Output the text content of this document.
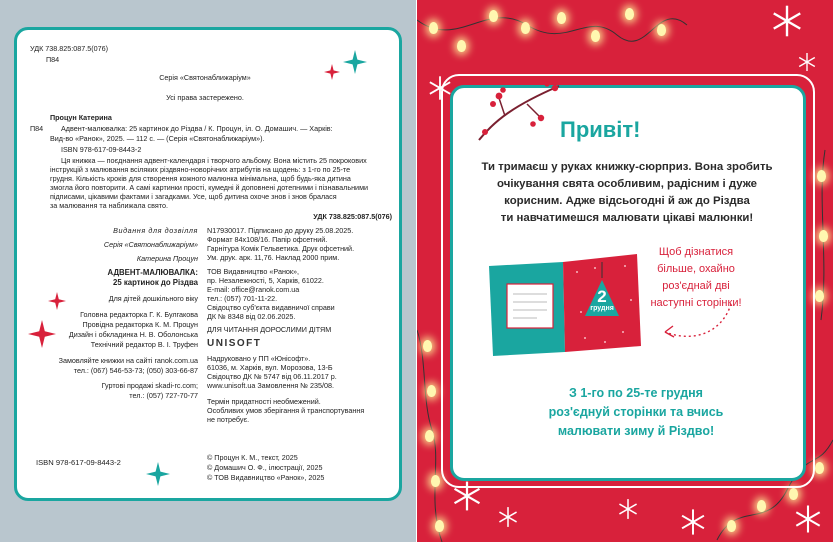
УДК 738.825:087.5(076)
П84
Серія «Святонаближаріум»
Усі права застережено.
Процун Катерина
П84 Адвент-малювалка: 25 картинок до Різдва / К. Процун, іл. О. Домашич. — Харків:
Вид-во «Ранок», 2025. — 112 с. — (Серія «Святонаближаріум»).
ISBN 978-617-09-8443-2
Ця книжка — поєднання адвент-календаря і творчого альбому. Вона містить 25 покрокових
інструкцій з малювання всіляких різдвяно-новорічних атрибутів на щодень: з 1-го по 25-те
грудня. Кількість кроків для створення кожного малюнка мінімальна, щоб будь-яка дитина
змогла його повторити. А самі картинки прості, кумедні й доповнені дотепними і пізнавальними
підписами, цікавими фактами і загадками. Усе, щоб дитина охоче знов і знов бралася
за малювання та наближала свято.
УДК 738.825:087.5(076)
Видання для дозвілля
Серія «Святонаближаріум»
Катерина Процун
АДВЕНТ-МАЛЮВАЛКА:
25 картинок до Різдва
Для дітей дошкільного віку
Головна редакторка Г. К. Булгакова
Провідна редакторка К. М. Процун
Дизайн і обкладинка Н. В. Оболонська
Технічний редактор В. І. Труфен
Замовляйте книжки на сайті ranok.com.ua
тел.: (067) 546-53-73; (050) 303-66-87
Гуртові продажі skadi-rc.com;
тел.: (057) 727-70-77
N17930017. Підписано до друку 25.08.2025.
Формат 84х108/16. Папір офсетний.
Гарнітура Комік Гельветика. Друк офсетний.
Ум. друк. арк. 11,76. Наклад 2000 прим.
ТОВ Видавництво «Ранок»,
пр. Незалежності, 5, Харків, 61022.
E-mail: office@ranok.com.ua
тел.: (057) 701-11-22.
Свідоцтво суб'єкта видавничої справи
ДК № 8348 від 02.06.2025.
ДЛЯ ЧИТАННЯ ДОРОСЛИМИ ДІТЯМ
UNISOFT
Надруковано у ПП «Юнісофт».
61036, м. Харків, вул. Морозова, 13-Б
Свідоцтво ДК № 5747 від 06.11.2017 р.
www.unisoft.ua Замовлення № 235/08.
Термін придатності необмежений.
Особливих умов зберігання й транспортування
не потребує.
ISBN 978-617-09-8443-2
© Процун К. М., текст, 2025
© Домашич О. Ф., ілюстрації, 2025
© ТОВ Видавництво «Ранок», 2025
Привіт!
Ти тримаєш у руках книжку-сюрприз. Вона зробить
очікування свята особливим, радісним і дуже
корисним. Адже відсьогодні й аж до Різдва
ти навчатимешся малювати цікаві малюнки!
2
грудня
Щоб дізнатися
більше, охайно
роз'єднай дві
наступні сторінки!
З 1-го по 25-те грудня
роз'єднуй сторінки та вчись
малювати зиму й Різдво!
